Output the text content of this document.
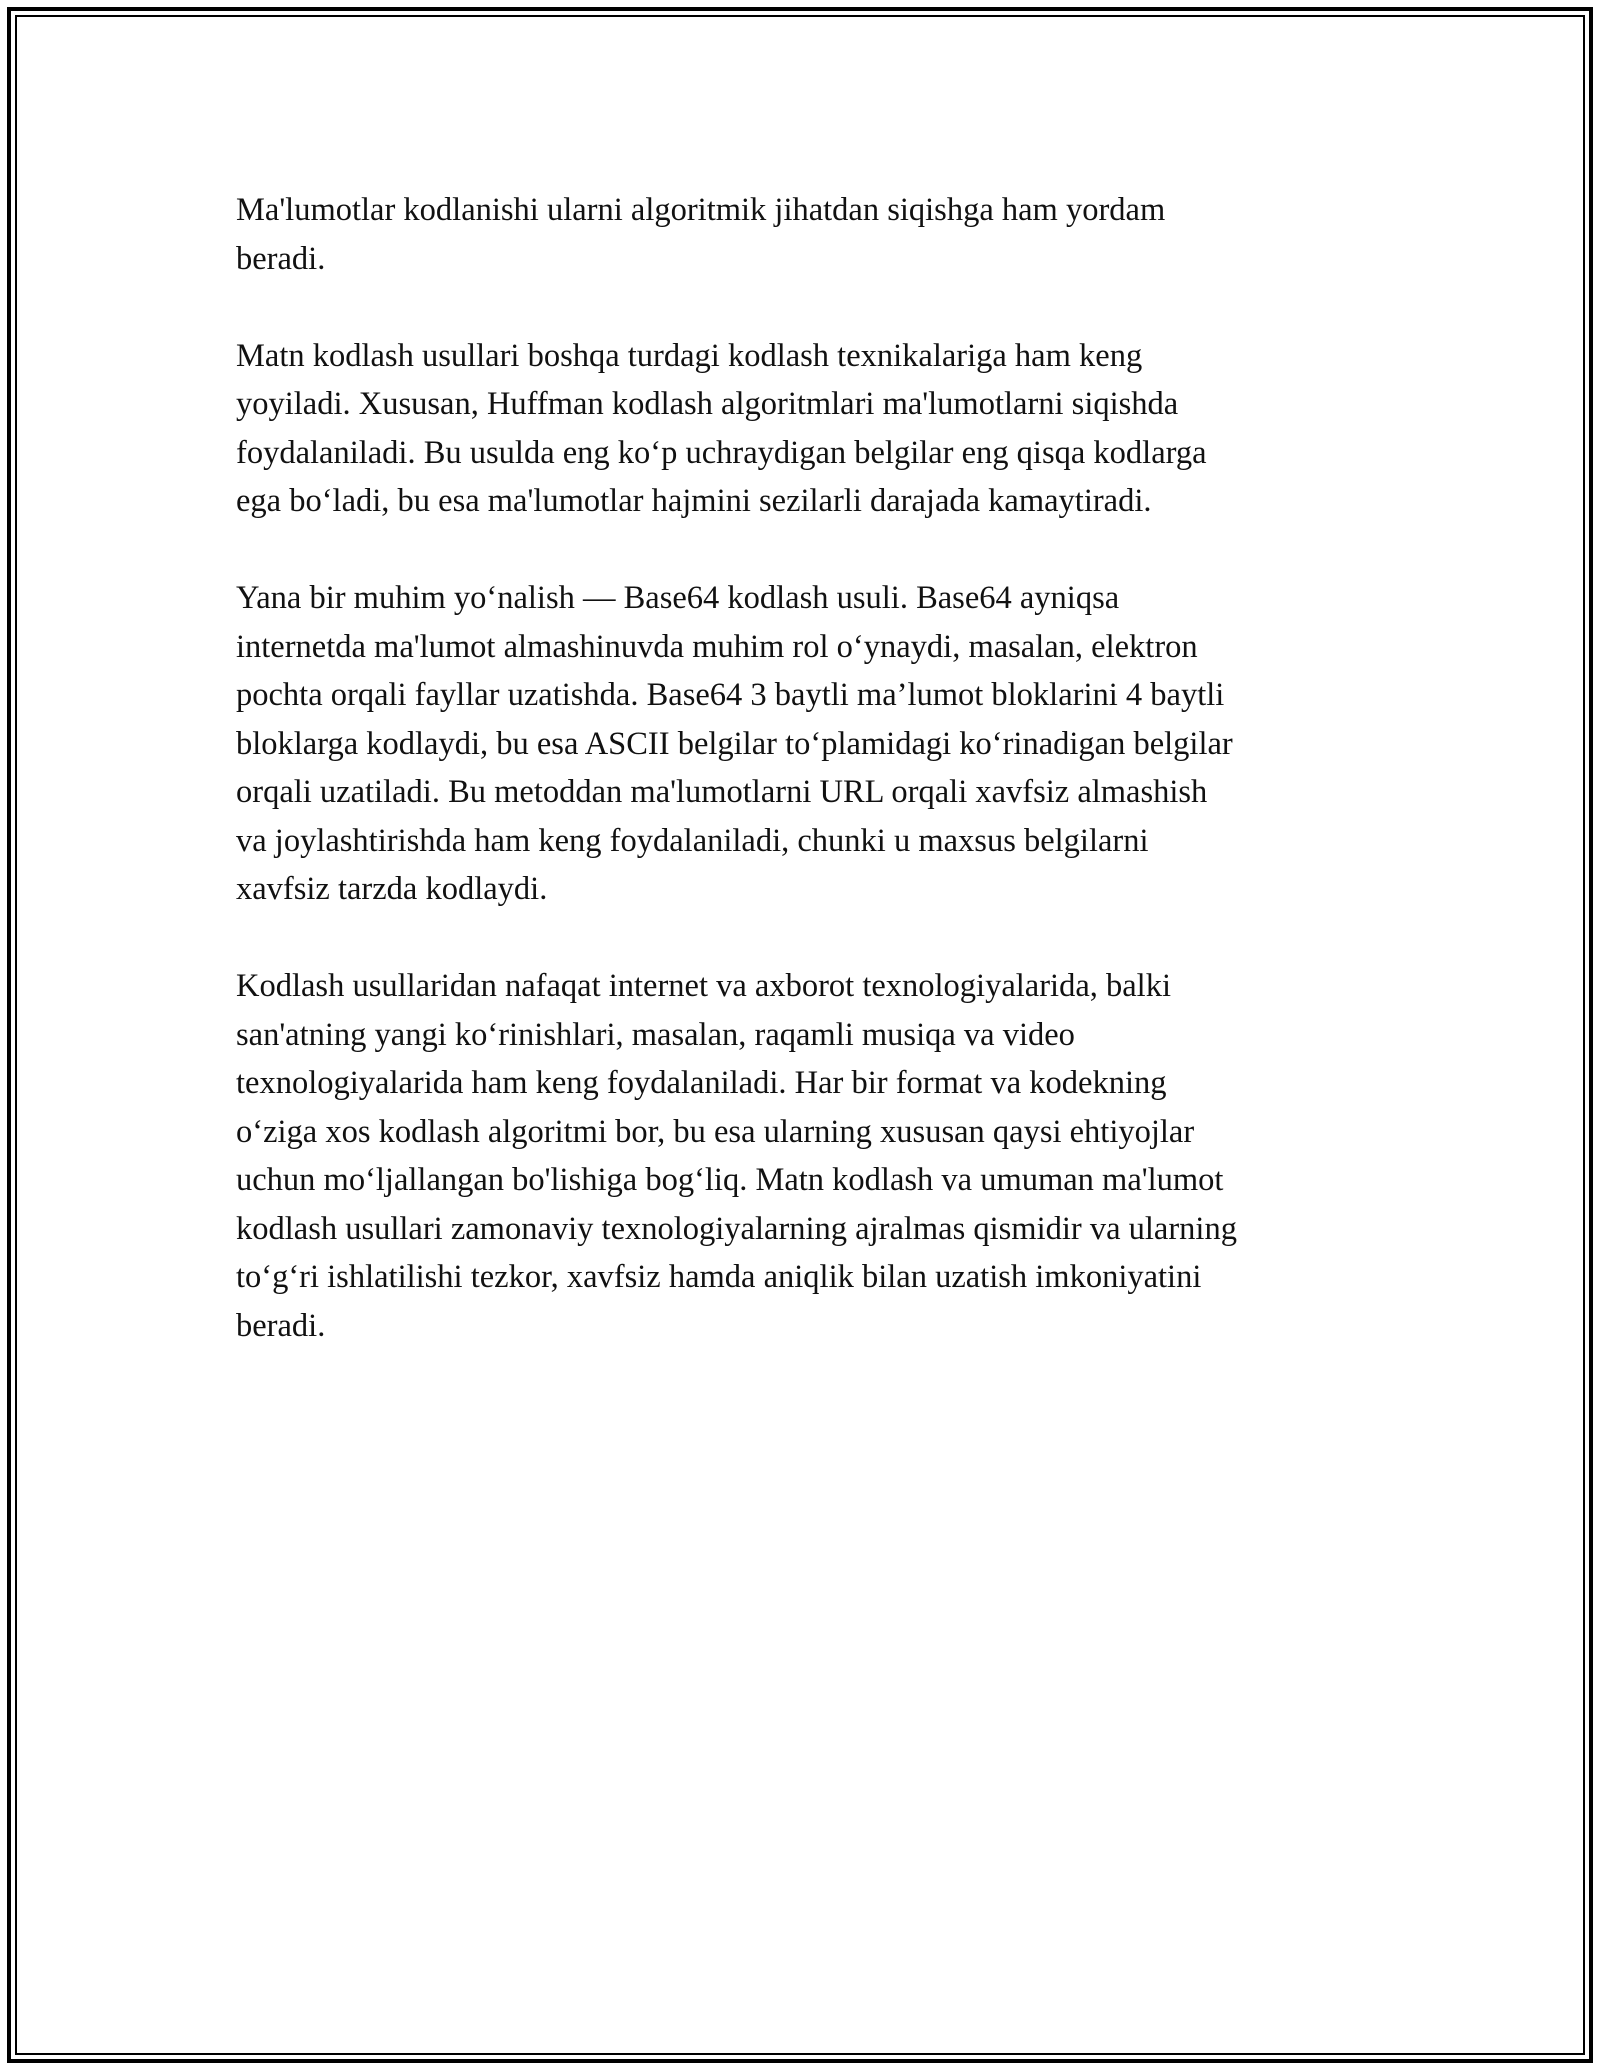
Ma'lumotlar kodlanishi ularni algoritmik jihatdan siqishga ham yordam
beradi.

Matn kodlash usullari boshqa turdagi kodlash texnikalariga ham keng
yoyiladi. Xususan, Huffman kodlash algoritmlari ma'lumotlarni siqishda
foydalaniladi. Bu usulda eng ko‘p uchraydigan belgilar eng qisqa kodlarga
ega bo‘ladi, bu esa ma'lumotlar hajmini sezilarli darajada kamaytiradi.

Yana bir muhim yo‘nalish — Base64 kodlash usuli. Base64 ayniqsa
internetda ma'lumot almashinuvda muhim rol o‘ynaydi, masalan, elektron
pochta orqali fayllar uzatishda. Base64 3 baytli ma’lumot bloklarini 4 baytli
bloklarga kodlaydi, bu esa ASCII belgilar to‘plamidagi ko‘rinadigan belgilar
orqali uzatiladi. Bu metoddan ma'lumotlarni URL orqali xavfsiz almashish
va joylashtirishda ham keng foydalaniladi, chunki u maxsus belgilarni
xavfsiz tarzda kodlaydi.

Kodlash usullaridan nafaqat internet va axborot texnologiyalarida, balki
san'atning yangi ko‘rinishlari, masalan, raqamli musiqa va video
texnologiyalarida ham keng foydalaniladi. Har bir format va kodekning
o‘ziga xos kodlash algoritmi bor, bu esa ularning xususan qaysi ehtiyojlar
uchun mo‘ljallangan bo'lishiga bog‘liq. Matn kodlash va umuman ma'lumot
kodlash usullari zamonaviy texnologiyalarning ajralmas qismidir va ularning
to‘g‘ri ishlatilishi tezkor, xavfsiz hamda aniqlik bilan uzatish imkoniyatini
beradi.
